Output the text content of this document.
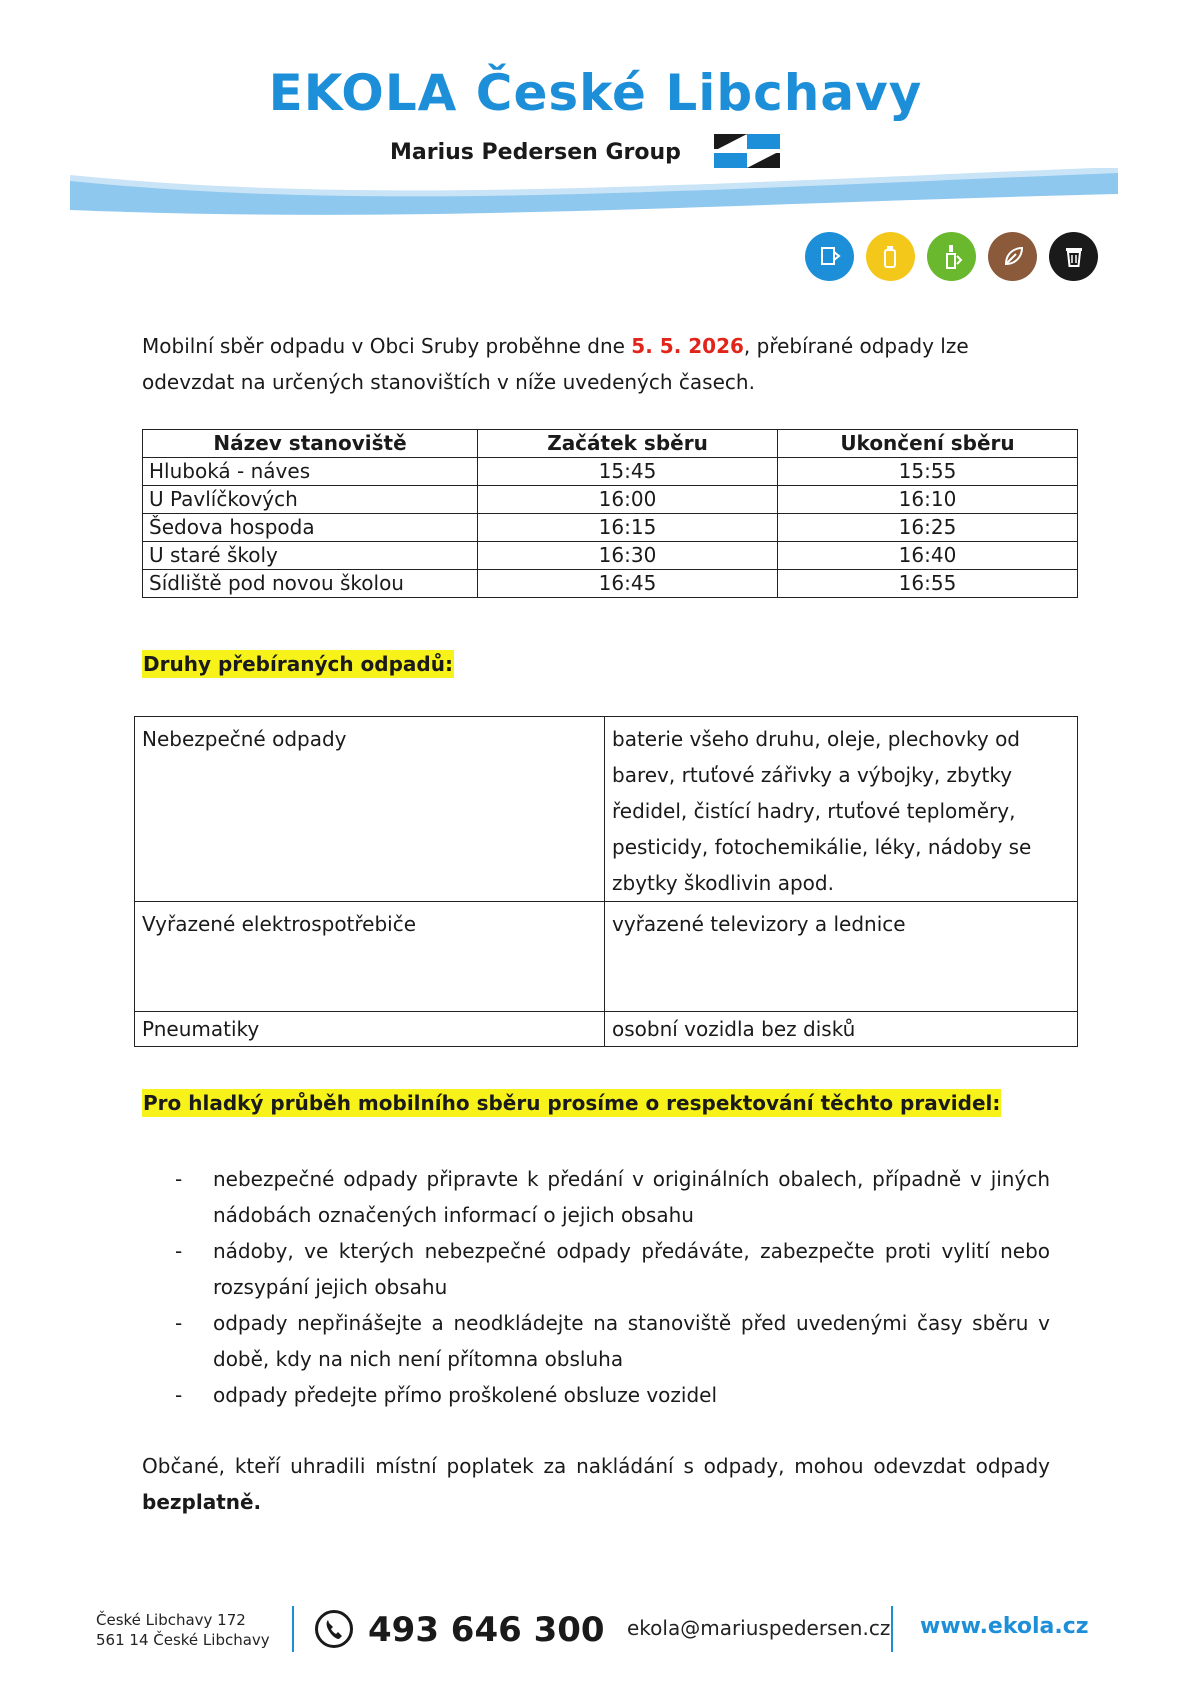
EKOLA České Libchavy
Marius Pedersen Group
Mobilní sběr odpadu v Obci Sruby proběhne dne 5. 5. 2026, přebírané odpady lze odevzdat na určených stanovištích v níže uvedených časech.
Název stanoviště	Začátek sběru	Ukončení sběru
Hluboká - náves	15:45	15:55
U Pavlíčkových	16:00	16:10
Šedova hospoda	16:15	16:25
U staré školy	16:30	16:40
Sídliště pod novou školou	16:45	16:55
Druhy přebíraných odpadů:
Nebezpečné odpady	baterie všeho druhu, oleje, plechovky od barev, rtuťové zářivky a výbojky, zbytky ředidel, čistící hadry, rtuťové teploměry, pesticidy, fotochemikálie, léky, nádoby se zbytky škodlivin apod.
Vyřazené elektrospotřebiče	vyřazené televizory a lednice
Pneumatiky	osobní vozidla bez disků
Pro hladký průběh mobilního sběru prosíme o respektování těchto pravidel:
- nebezpečné odpady připravte k předání v originálních obalech, případně v jiných nádobách označených informací o jejich obsahu
- nádoby, ve kterých nebezpečné odpady předáváte, zabezpečte proti vylití nebo rozsypání jejich obsahu
- odpady nepřinášejte a neodkládejte na stanoviště před uvedenými časy sběru v době, kdy na nich není přítomna obsluha
- odpady předejte přímo proškolené obsluze vozidel
Občané, kteří uhradili místní poplatek za nakládání s odpady, mohou odevzdat odpady bezplatně.
České Libchavy 172
561 14 České Libchavy	493 646 300 ekola@mariuspedersen.cz www.ekola.cz
